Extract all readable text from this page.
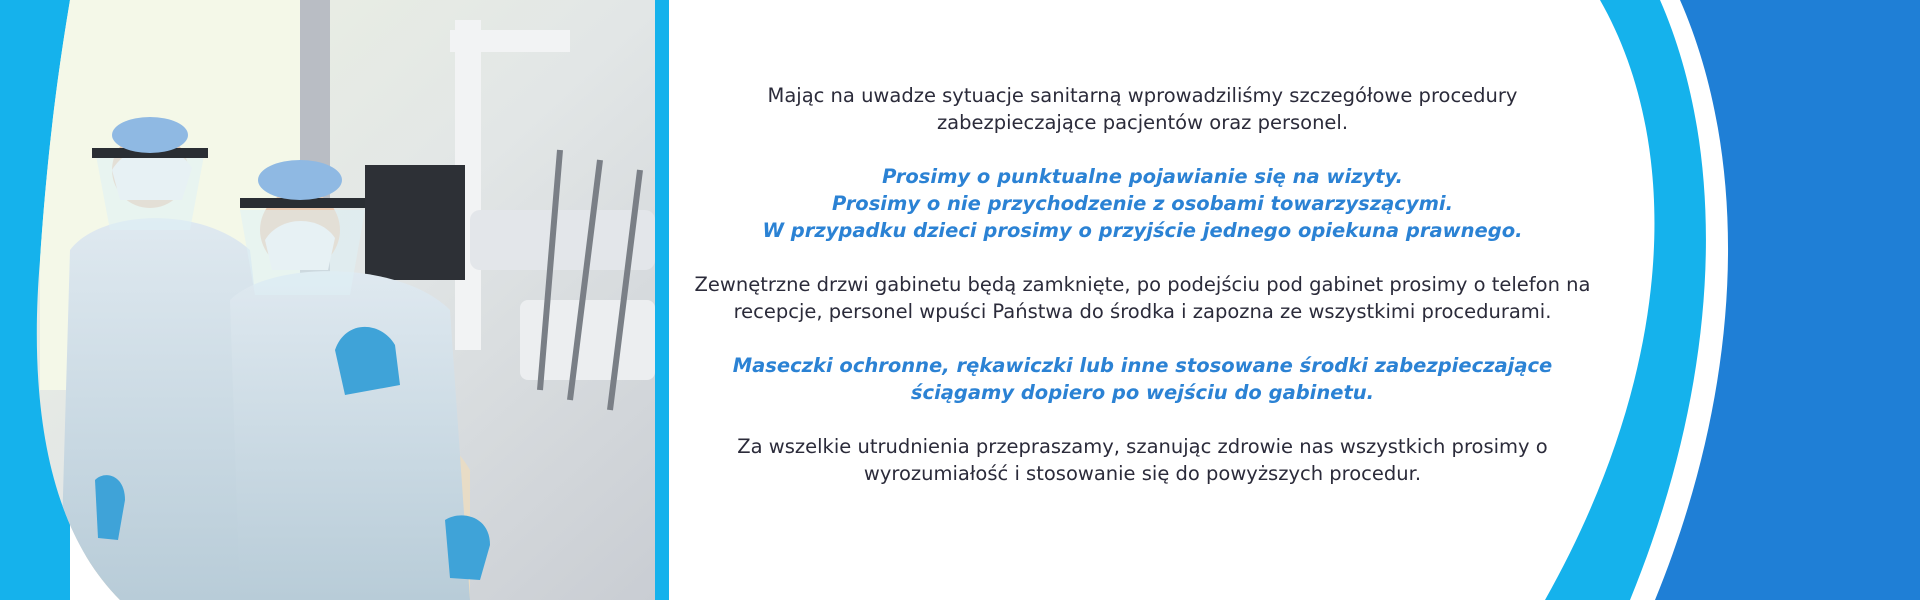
Mając na uwadze sytuacje sanitarną wprowadziliśmy szczegółowe procedury
zabezpieczające pacjentów oraz personel.

Prosimy o punktualne pojawianie się na wizyty.
Prosimy o nie przychodzenie z osobami towarzyszącymi.
W przypadku dzieci prosimy o przyjście jednego opiekuna prawnego.

Zewnętrzne drzwi gabinetu będą zamknięte, po podejściu pod gabinet prosimy o telefon na
recepcje, personel wpuści Państwa do środka i zapozna ze wszystkimi procedurami.

Maseczki ochronne, rękawiczki lub inne stosowane środki zabezpieczające
ściągamy dopiero po wejściu do gabinetu.

Za wszelkie utrudnienia przepraszamy, szanując zdrowie nas wszystkich prosimy o
wyrozumiałość i stosowanie się do powyższych procedur.
